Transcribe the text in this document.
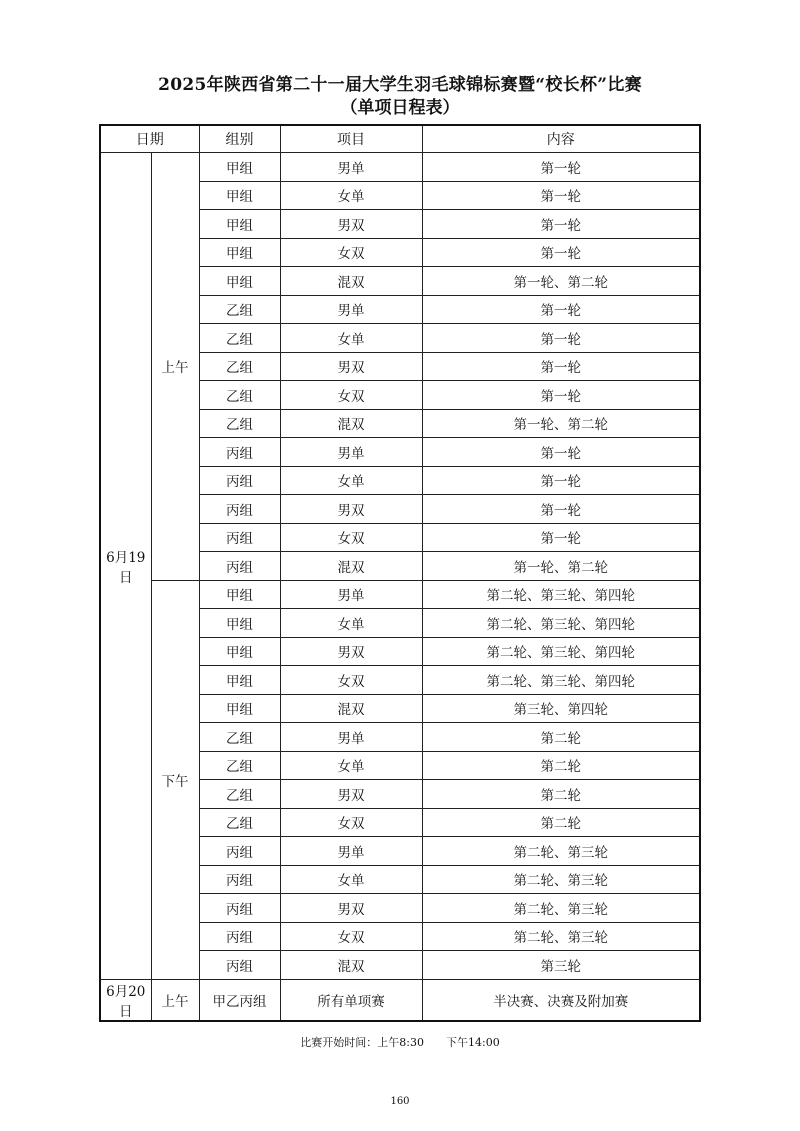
2025年陕西省第二十一届大学生羽毛球锦标赛暨“校长杯”比赛
（单项日程表）
日期		组别	项目	内容
6月19日	上午	甲组	男单	第一轮
		甲组	女单	第一轮
		甲组	男双	第一轮
		甲组	女双	第一轮
		甲组	混双	第一轮、第二轮
		乙组	男单	第一轮
		乙组	女单	第一轮
		乙组	男双	第一轮
		乙组	女双	第一轮
		乙组	混双	第一轮、第二轮
		丙组	男单	第一轮
		丙组	女单	第一轮
		丙组	男双	第一轮
		丙组	女双	第一轮
		丙组	混双	第一轮、第二轮
	下午	甲组	男单	第二轮、第三轮、第四轮
		甲组	女单	第二轮、第三轮、第四轮
		甲组	男双	第二轮、第三轮、第四轮
		甲组	女双	第二轮、第三轮、第四轮
		甲组	混双	第三轮、第四轮
		乙组	男单	第二轮
		乙组	女单	第二轮
		乙组	男双	第二轮
		乙组	女双	第二轮
		丙组	男单	第二轮、第三轮
		丙组	女单	第二轮、第三轮
		丙组	男双	第二轮、第三轮
		丙组	女双	第二轮、第三轮
		丙组	混双	第三轮
6月20日	上午	甲乙丙组	所有单项赛	半决赛、决赛及附加赛
比赛开始时间：上午8:30　　下午14:00
160
